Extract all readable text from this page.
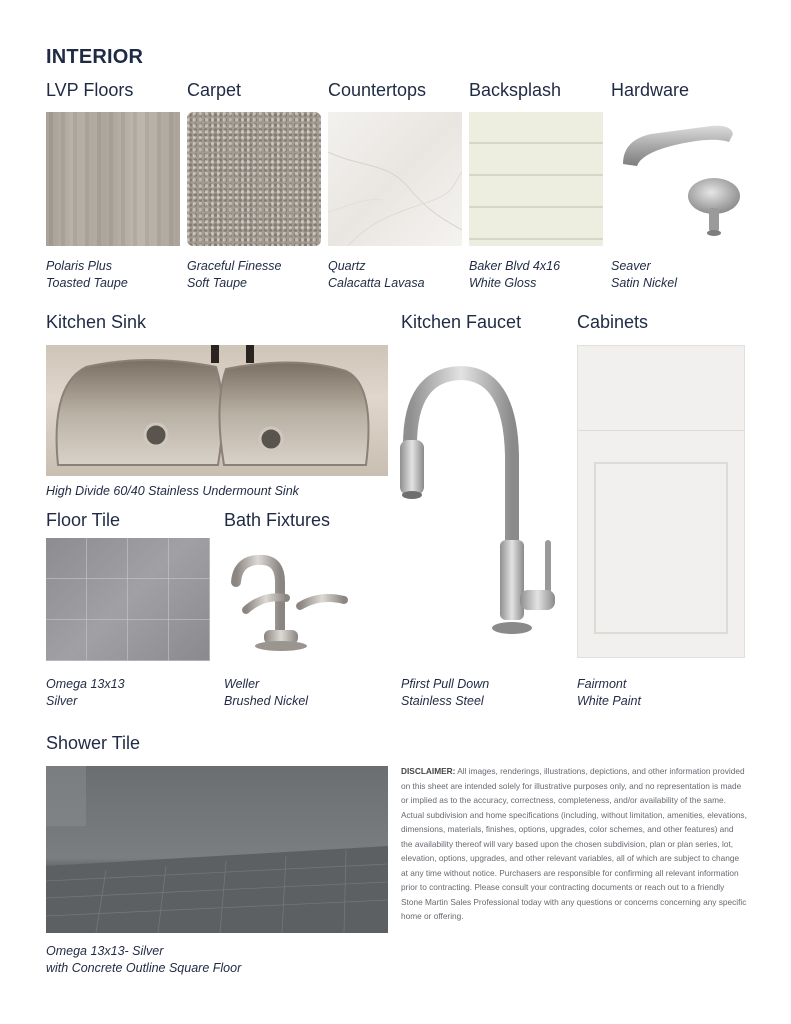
INTERIOR
LVP Floors
Polaris Plus
Toasted Taupe
Carpet
Graceful Finesse
Soft Taupe
Countertops
Quartz
Calacatta Lavasa
Backsplash
Baker Blvd 4x16
White Gloss
Hardware
Seaver
Satin Nickel
Kitchen Sink
High Divide 60/40 Stainless Undermount Sink
Kitchen Faucet
Pfirst Pull Down
Stainless Steel
Cabinets
Fairmont
White Paint
Floor Tile
Omega 13x13
Silver
Bath Fixtures
Weller
Brushed Nickel
Shower Tile
Omega 13x13- Silver
with Concrete Outline Square Floor
DISCLAIMER: All images, renderings, illustrations, depictions, and other information provided on this sheet are intended solely for illustrative purposes only, and no representation is made or implied as to the accuracy, correctness, completeness, and/or availability of the same. Actual subdivision and home specifications (including, without limitation, amenities, elevations, dimensions, materials, finishes, options, upgrades, color schemes, and other features) and the availability thereof will vary based upon the chosen subdivision, plan or plan series, lot, elevation, options, upgrades, and other relevant variables, all of which are subject to change at any time without notice. Purchasers are responsible for confirming all relevant information prior to contracting. Please consult your contracting documents or reach out to a friendly Stone Martin Sales Professional today with any questions or concerns concerning any specific home or offering.
